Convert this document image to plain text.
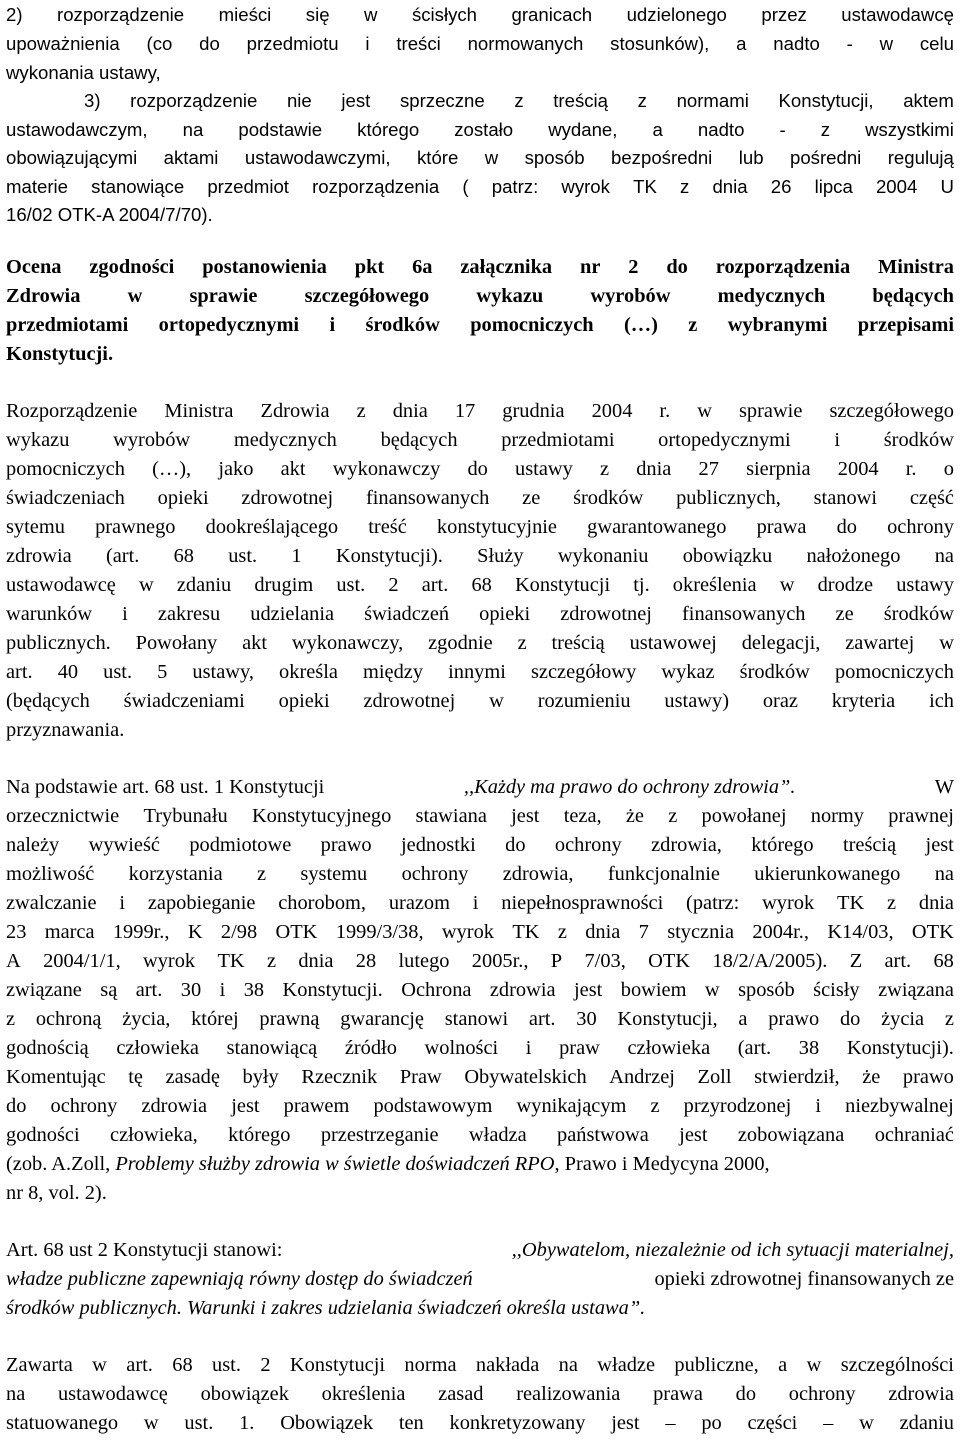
2) rozporządzenie mieści się w ścisłych granicach udzielonego przez ustawodawcę
upoważnienia (co do przedmiotu i treści normowanych stosunków), a nadto - w celu
wykonania ustawy,
3) rozporządzenie nie jest sprzeczne z treścią z normami Konstytucji, aktem
ustawodawczym, na podstawie którego zostało wydane, a nadto - z wszystkimi
obowiązującymi aktami ustawodawczymi, które w sposób bezpośredni lub pośredni regulują
materie stanowiące przedmiot rozporządzenia ( patrz: wyrok TK z dnia 26 lipca 2004 U
16/02 OTK-A 2004/7/70).
Ocena zgodności postanowienia pkt 6a załącznika nr 2 do rozporządzenia Ministra
Zdrowia w sprawie szczegółowego wykazu wyrobów medycznych będących
przedmiotami ortopedycznymi i środków pomocniczych (…) z wybranymi przepisami
Konstytucji.
Rozporządzenie Ministra Zdrowia z dnia 17 grudnia 2004 r. w sprawie szczegółowego
wykazu wyrobów medycznych będących przedmiotami ortopedycznymi i środków
pomocniczych (…), jako akt wykonawczy do ustawy z dnia 27 sierpnia 2004 r. o
świadczeniach opieki zdrowotnej finansowanych ze środków publicznych, stanowi część
sytemu prawnego dookreślającego treść konstytucyjnie gwarantowanego prawa do ochrony
zdrowia (art. 68 ust. 1 Konstytucji). Służy wykonaniu obowiązku nałożonego na
ustawodawcę w zdaniu drugim ust. 2 art. 68 Konstytucji tj. określenia w drodze ustawy
warunków i zakresu udzielania świadczeń opieki zdrowotnej finansowanych ze środków
publicznych. Powołany akt wykonawczy, zgodnie z treścią ustawowej delegacji, zawartej w
art. 40 ust. 5 ustawy, określa między innymi szczegółowy wykaz środków pomocniczych
(będących świadczeniami opieki zdrowotnej w rozumieniu ustawy) oraz kryteria ich
przyznawania.
Na podstawie art. 68 ust. 1 Konstytucji	,,Każdy ma prawo do ochrony zdrowia”.	W
orzecznictwie Trybunału Konstytucyjnego stawiana jest teza, że z powołanej normy prawnej
należy wywieść podmiotowe prawo jednostki do ochrony zdrowia, którego treścią jest
możliwość korzystania z systemu ochrony zdrowia, funkcjonalnie ukierunkowanego na
zwalczanie i zapobieganie chorobom, urazom i niepełnosprawności (patrz: wyrok TK z dnia
23 marca 1999r., K 2/98 OTK 1999/3/38, wyrok TK z dnia 7 stycznia 2004r., K14/03, OTK
A 2004/1/1, wyrok TK z dnia 28 lutego 2005r., P 7/03, OTK 18/2/A/2005). Z art. 68
związane są art. 30 i 38 Konstytucji. Ochrona zdrowia jest bowiem w sposób ścisły związana
z ochroną życia, której prawną gwarancję stanowi art. 30 Konstytucji, a prawo do życia z
godnością człowieka stanowiącą źródło wolności i praw człowieka (art. 38 Konstytucji).
Komentując tę zasadę były Rzecznik Praw Obywatelskich Andrzej Zoll stwierdził, że prawo
do ochrony zdrowia jest prawem podstawowym wynikającym z przyrodzonej i niezbywalnej
godności człowieka, którego przestrzeganie władza państwowa jest zobowiązana ochraniać
(zob. A.Zoll, Problemy służby zdrowia w świetle doświadczeń RPO, Prawo i Medycyna 2000,
nr 8, vol. 2).
Art. 68 ust 2 Konstytucji stanowi:	,,Obywatelom, niezależnie od ich sytuacji materialnej,
władze publiczne zapewniają równy dostęp do świadczeń	opieki zdrowotnej finansowanych ze
środków publicznych. Warunki i zakres udzielania świadczeń określa ustawa”.
Zawarta w art. 68 ust. 2 Konstytucji norma nakłada na władze publiczne, a w szczególności
na ustawodawcę obowiązek określenia zasad realizowania prawa do ochrony zdrowia
statuowanego w ust. 1. Obowiązek ten konkretyzowany jest – po części – w zdaniu
